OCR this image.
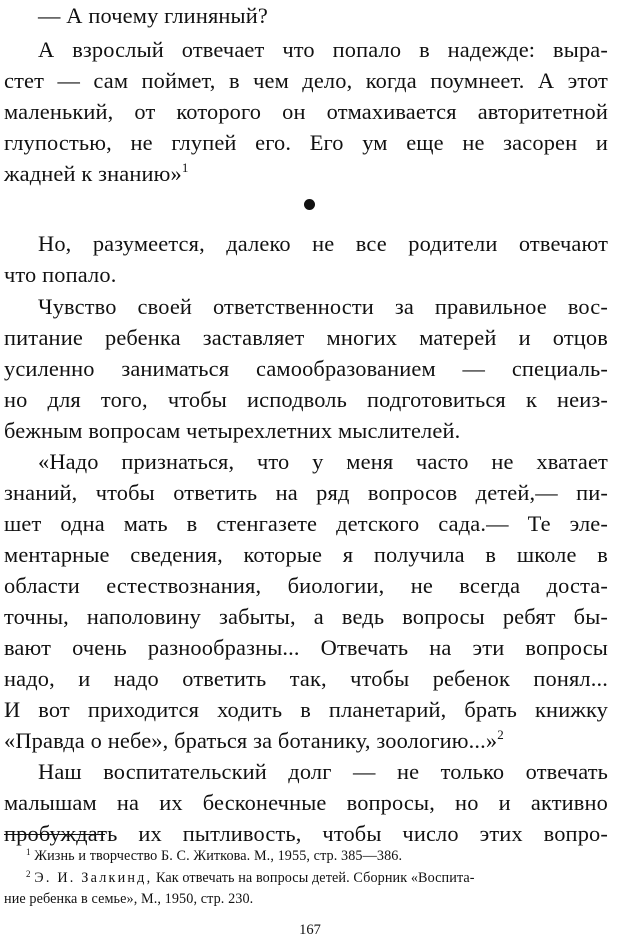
— А почему глиняный?
А взрослый отвечает что попало в надежде: выра-
стет — сам поймет, в чем дело, когда поумнеет. А этот
маленький, от которого он отмахивается авторитетной
глупостью, не глупей его. Его ум еще не засорен и
жадней к знанию»$^1$
Но, разумеется, далеко не все родители отвечают
что попало.
Чувство своей ответственности за правильное вос-
питание ребенка заставляет многих матерей и отцов
усиленно заниматься самообразованием — специаль-
но для того, чтобы исподволь подготовиться к неиз-
бежным вопросам четырехлетних мыслителей.
«Надо признаться, что у меня часто не хватает
знаний, чтобы ответить на ряд вопросов детей,— пи-
шет одна мать в стенгазете детского сада.— Те эле-
ментарные сведения, которые я получила в школе в
области естествознания, биологии, не всегда доста-
точны, наполовину забыты, а ведь вопросы ребят бы-
вают очень разнообразны... Отвечать на эти вопросы
надо, и надо ответить так, чтобы ребенок понял...
И вот приходится ходить в планетарий, брать книжку
«Правда о небе», браться за ботанику, зоологию...»$^2$
Наш воспитательский долг — не только отвечать
малышам на их бесконечные вопросы, но и активно
пробуждать их пытливость, чтобы число этих вопро-
$^1$ Жизнь и творчество Б. С. Житкова. М., 1955, стр. 385—386.
$^2$ Э. И. Залкинд, Как отвечать на вопросы детей. Сборник «Воспита-
ние ребенка в семье», М., 1950, стр. 230.
167
